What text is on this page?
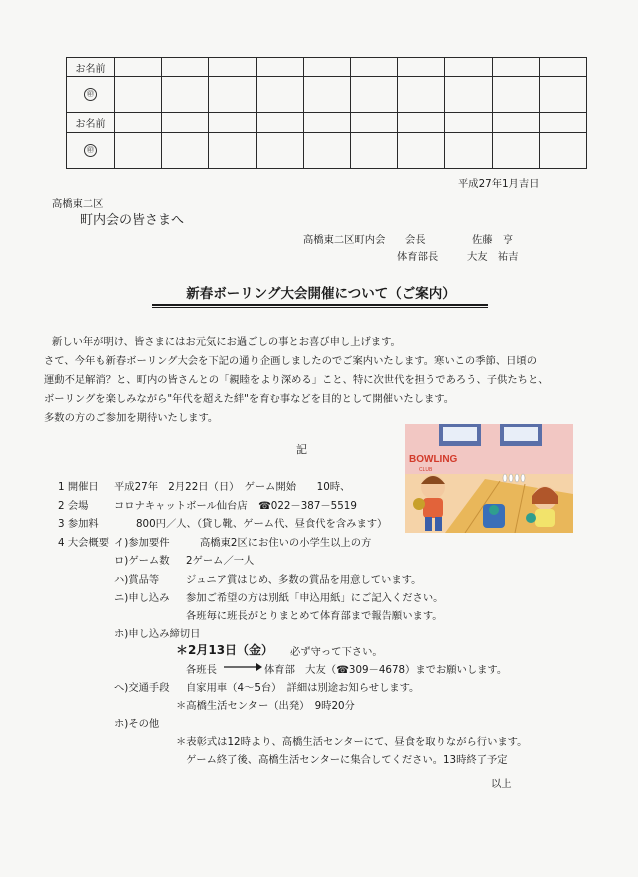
お名前										
㊞										
お名前										
㊞										
平成27年1月吉日
高橋東二区
町内会の皆さまへ
高橋東二区町内会 会長	佐藤　亨
体育部長	大友　祐吉
新春ボーリング大会開催について（ご案内）
新しい年が明け、皆さまにはお元気にお過ごしの事とお喜び申し上げます。
さて、今年も新春ボーリング大会を下記の通り企画しましたのでご案内いたします。寒いこの季節、日頃の
運動不足解消？と、町内の皆さんとの「親睦をより深める」こと、特に次世代を担うであろう、子供たちと、
ボーリングを楽しみながら"年代を超えた絆"を育む事などを目的として開催いたします。
多数の方のご参加を期待いたします。
記
BOWLING
CLUB
1 開催日 平成27年　2月22日（日）　ゲーム開始　　10時、
2 会場 コロナキャットボール仙台店　☎022－387－5519
3 参加料	800円／人、（貸し靴、ゲーム代、昼食代を含みます）
4 大会概要 イ)参加要件	高橋東2区にお住いの小学生以上の方
ロ)ゲーム数 2ゲーム／一人
ハ)賞品等	ジュニア賞はじめ、多数の賞品を用意しています。
ニ)申し込み 参加ご希望の方は別紙「申込用紙」にご記入ください。
各班毎に班長がとりまとめて体育部まで報告願います。
ホ)申し込み締切日
＊2月13日（金） 必ず守って下さい。
各班長	体育部　大友（☎309－4678）までお願いします。
へ)交通手段 自家用車（4～5台）　詳細は別途お知らせします。
＊高橋生活センター（出発）　9時20分
ホ)その他
＊表彰式は12時より、高橋生活センターにて、昼食を取りながら行います。
ゲーム終了後、高橋生活センターに集合してください。13時終了予定
以上
